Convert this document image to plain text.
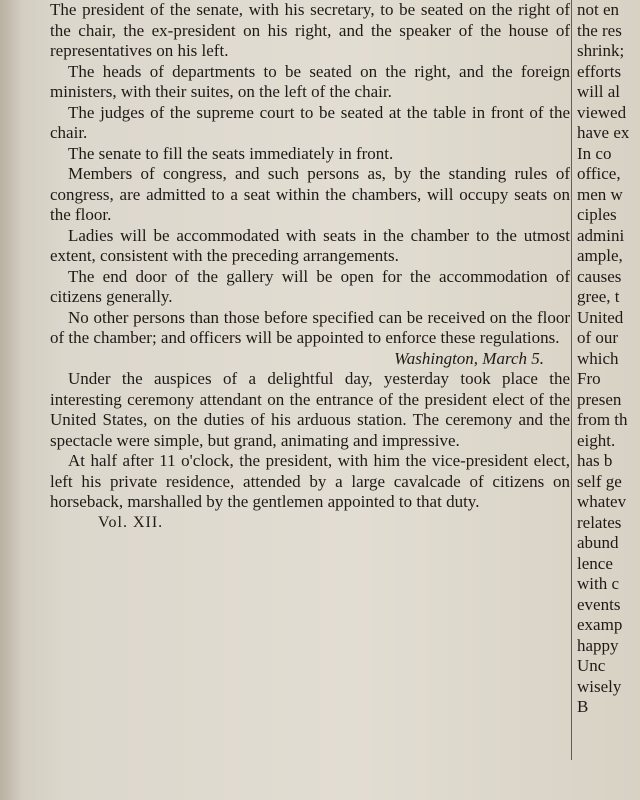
The president of the senate, with his secretary, to be seated on the right of the chair, the ex-president on his right, and the speaker of the house of representatives on his left.

The heads of departments to be seated on the right, and the foreign ministers, with their suites, on the left of the chair.

The judges of the supreme court to be seated at the table in front of the chair.

The senate to fill the seats immediately in front.

Members of congress, and such persons as, by the standing rules of congress, are admitted to a seat within the chambers, will occupy seats on the floor.

Ladies will be accommodated with seats in the chamber to the utmost extent, consistent with the preceding arrangements.

The end door of the gallery will be open for the accommodation of citizens generally.

No other persons than those before specified can be received on the floor of the chamber; and officers will be appointed to enforce these regulations.

Washington, March 5.

Under the auspices of a delightful day, yesterday took place the interesting ceremony attendant on the entrance of the president elect of the United States, on the duties of his arduous station. The ceremony and the spectacle were simple, but grand, animating and impressive.

At half after 11 o'clock, the president, with him the vice-president elect, left his private residence, attended by a large cavalcade of citizens on horseback, marshalled by the gentlemen appointed to that duty.

Vol. XII.

not en
the res
shrink;
efforts
will al
viewed
have ex
In co
office,
men w
ciples
admini
ample,
causes
gree, t
United
of our
which
Fro
presen
from th
eight.
has b
self ge
whatev
relates
abund
lence
with c
events
examp
happy
Unc
wisely
B
